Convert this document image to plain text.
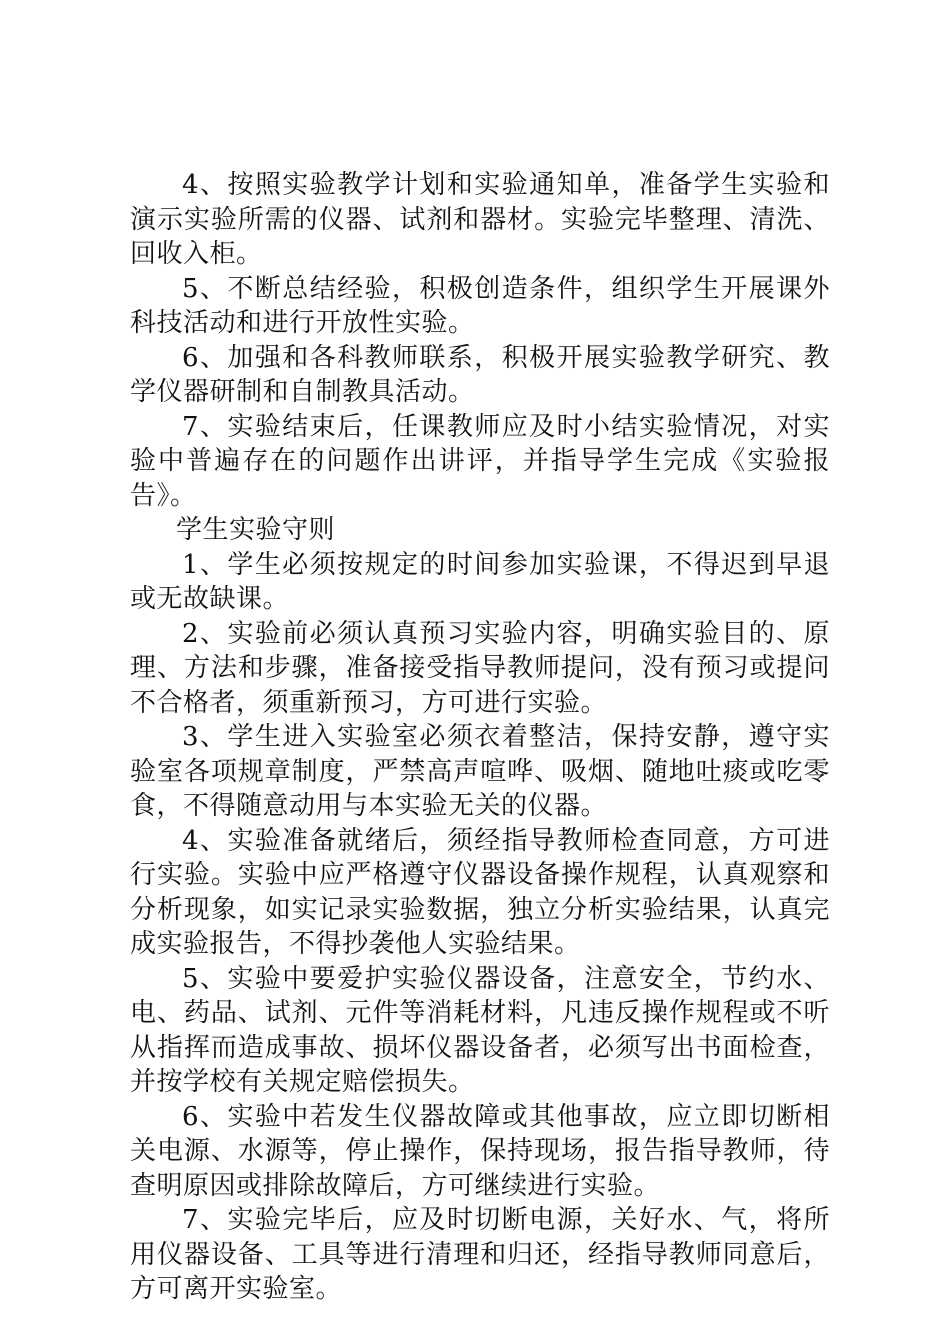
4、按照实验教学计划和实验通知单，准备学生实验和演示实验所需的仪器、试剂和器材。实验完毕整理、清洗、回收入柜。

5、不断总结经验，积极创造条件，组织学生开展课外科技活动和进行开放性实验。

6、加强和各科教师联系，积极开展实验教学研究、教学仪器研制和自制教具活动。

7、实验结束后，任课教师应及时小结实验情况，对实验中普遍存在的问题作出讲评，并指导学生完成《实验报告》。

学生实验守则

1、学生必须按规定的时间参加实验课，不得迟到早退或无故缺课。

2、实验前必须认真预习实验内容，明确实验目的、原理、方法和步骤，准备接受指导教师提问，没有预习或提问不合格者，须重新预习，方可进行实验。

3、学生进入实验室必须衣着整洁，保持安静，遵守实验室各项规章制度，严禁高声喧哗、吸烟、随地吐痰或吃零食，不得随意动用与本实验无关的仪器。

4、实验准备就绪后，须经指导教师检查同意，方可进行实验。实验中应严格遵守仪器设备操作规程，认真观察和分析现象，如实记录实验数据，独立分析实验结果，认真完成实验报告，不得抄袭他人实验结果。

5、实验中要爱护实验仪器设备，注意安全，节约水、电、药品、试剂、元件等消耗材料，凡违反操作规程或不听从指挥而造成事故、损坏仪器设备者，必须写出书面检查，并按学校有关规定赔偿损失。

6、实验中若发生仪器故障或其他事故，应立即切断相关电源、水源等，停止操作，保持现场，报告指导教师，待查明原因或排除故障后，方可继续进行实验。

7、实验完毕后，应及时切断电源，关好水、气，将所用仪器设备、工具等进行清理和归还，经指导教师同意后，方可离开实验室。
